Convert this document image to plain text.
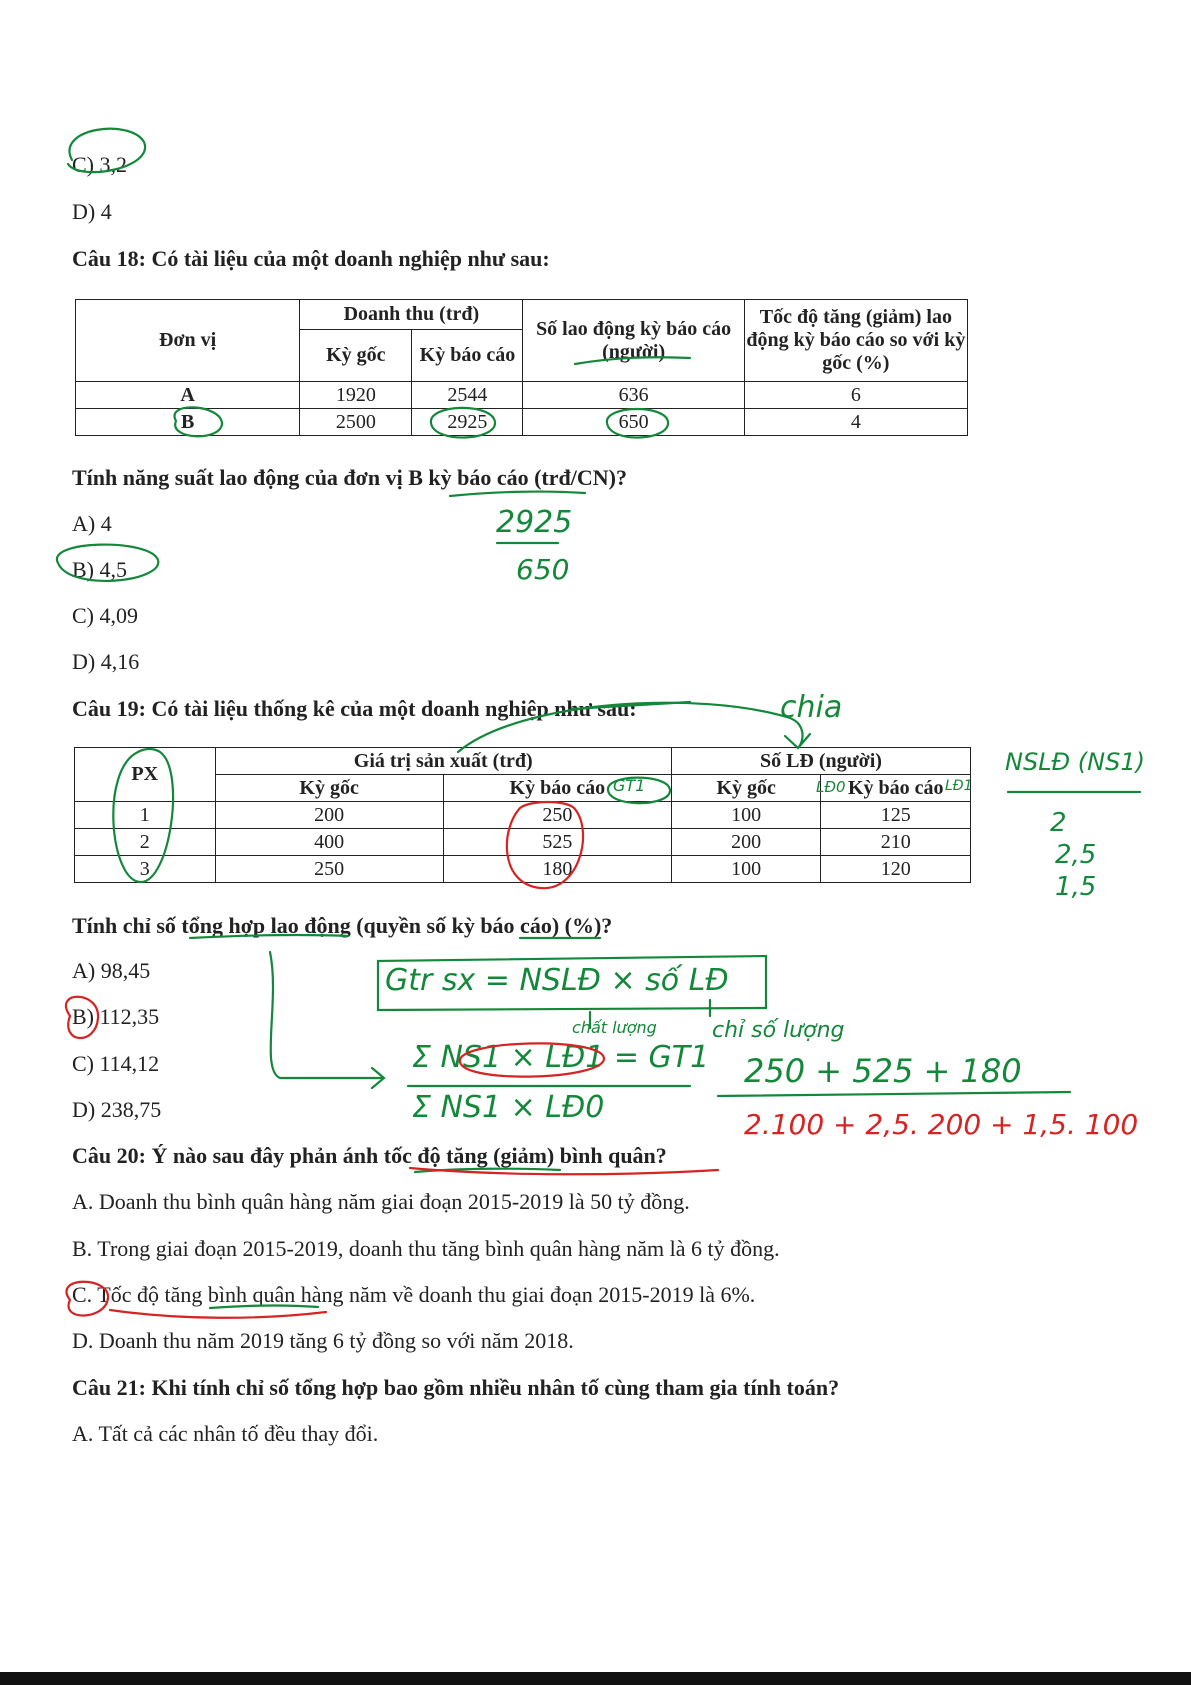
C) 3,2
D) 4
Câu 18: Có tài liệu của một doanh nghiệp như sau:
Đơn vị	Doanh thu (trđ)		Số lao động kỳ báo cáo (người)	Tốc độ tăng (giảm) lao động kỳ báo cáo so với kỳ gốc (%)
	Kỳ gốc	Kỳ báo cáo		
A	1920	2544	636	6
B	2500	2925	650	4
Tính năng suất lao động của đơn vị B kỳ báo cáo (trđ/CN)?
A) 4
B) 4,5
C) 4,09
D) 4,16
Câu 19: Có tài liệu thống kê của một doanh nghiệp như sau:
PX	Giá trị sản xuất (trđ)		Số LĐ (người)	
	Kỳ gốc	Kỳ báo cáo	Kỳ gốc	Kỳ báo cáo
1	200	250	100	125
2	400	525	200	210
3	250	180	100	120
Tính chỉ số tổng hợp lao động (quyền số kỳ báo cáo) (%)?
A) 98,45
B) 112,35
C) 114,12
D) 238,75
Câu 20: Ý nào sau đây phản ánh tốc độ tăng (giảm) bình quân?
A. Doanh thu bình quân hàng năm giai đoạn 2015-2019 là 50 tỷ đồng.
B. Trong giai đoạn 2015-2019, doanh thu tăng bình quân hàng năm là 6 tỷ đồng.
C. Tốc độ tăng bình quân hàng năm về doanh thu giai đoạn 2015-2019 là 6%.
D. Doanh thu năm 2019 tăng 6 tỷ đồng so với năm 2018.
Câu 21: Khi tính chỉ số tổng hợp bao gồm nhiều nhân tố cùng tham gia tính toán?
A. Tất cả các nhân tố đều thay đổi.
2925
650
chia
GT1	LĐ0	LĐ1
NSLĐ (NS1)
2
2,5
1,5
Gtr sx = NSLĐ × số LĐ
chất lượng	chỉ số lượng
Σ NS1 × LĐ1 = GT1
Σ NS1 × LĐ0
250 + 525 + 180
2.100 + 2,5. 200 + 1,5. 100
